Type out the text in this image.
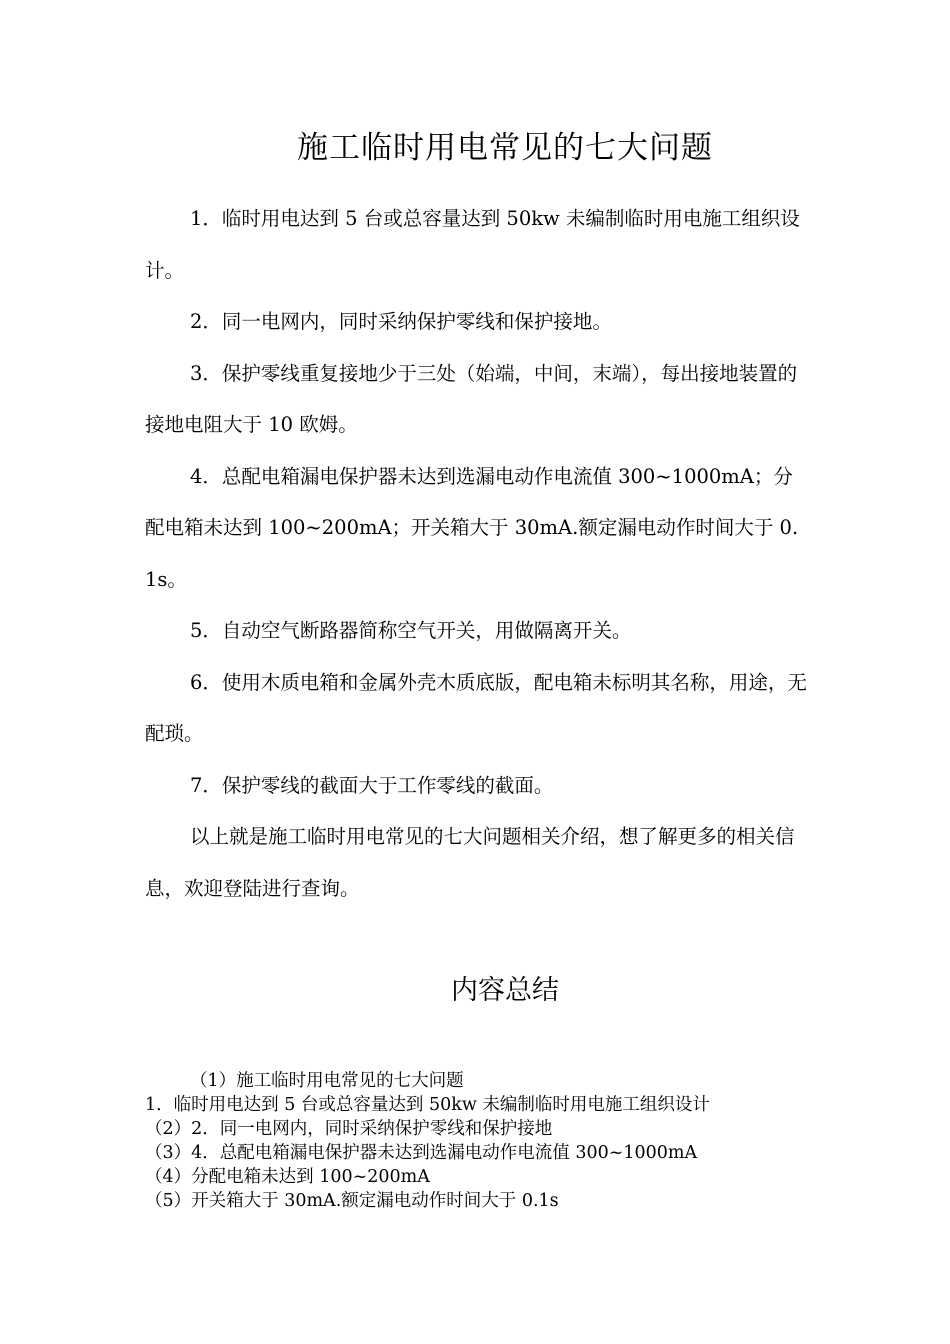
施工临时用电常见的七大问题

1．临时用电达到 5 台或总容量达到 50kw 未编制临时用电施工组织设计。

2．同一电网内，同时采纳保护零线和保护接地。

3．保护零线重复接地少于三处（始端，中间，末端），每出接地装置的接地电阻大于 10 欧姆。

4．总配电箱漏电保护器未达到选漏电动作电流值 300~1000mA；分配电箱未达到 100~200mA；开关箱大于 30mA.额定漏电动作时间大于 0.1s。

5．自动空气断路器简称空气开关，用做隔离开关。

6．使用木质电箱和金属外壳木质底版，配电箱未标明其名称，用途，无配琐。

7．保护零线的截面大于工作零线的截面。

以上就是施工临时用电常见的七大问题相关介绍，想了解更多的相关信息，欢迎登陆进行查询。

内容总结
（1）施工临时用电常见的七大问题
1．临时用电达到 5 台或总容量达到 50kw 未编制临时用电施工组织设计
（2）2．同一电网内，同时采纳保护零线和保护接地
（3）4．总配电箱漏电保护器未达到选漏电动作电流值 300~1000mA
（4）分配电箱未达到 100~200mA
（5）开关箱大于 30mA.额定漏电动作时间大于 0.1s
